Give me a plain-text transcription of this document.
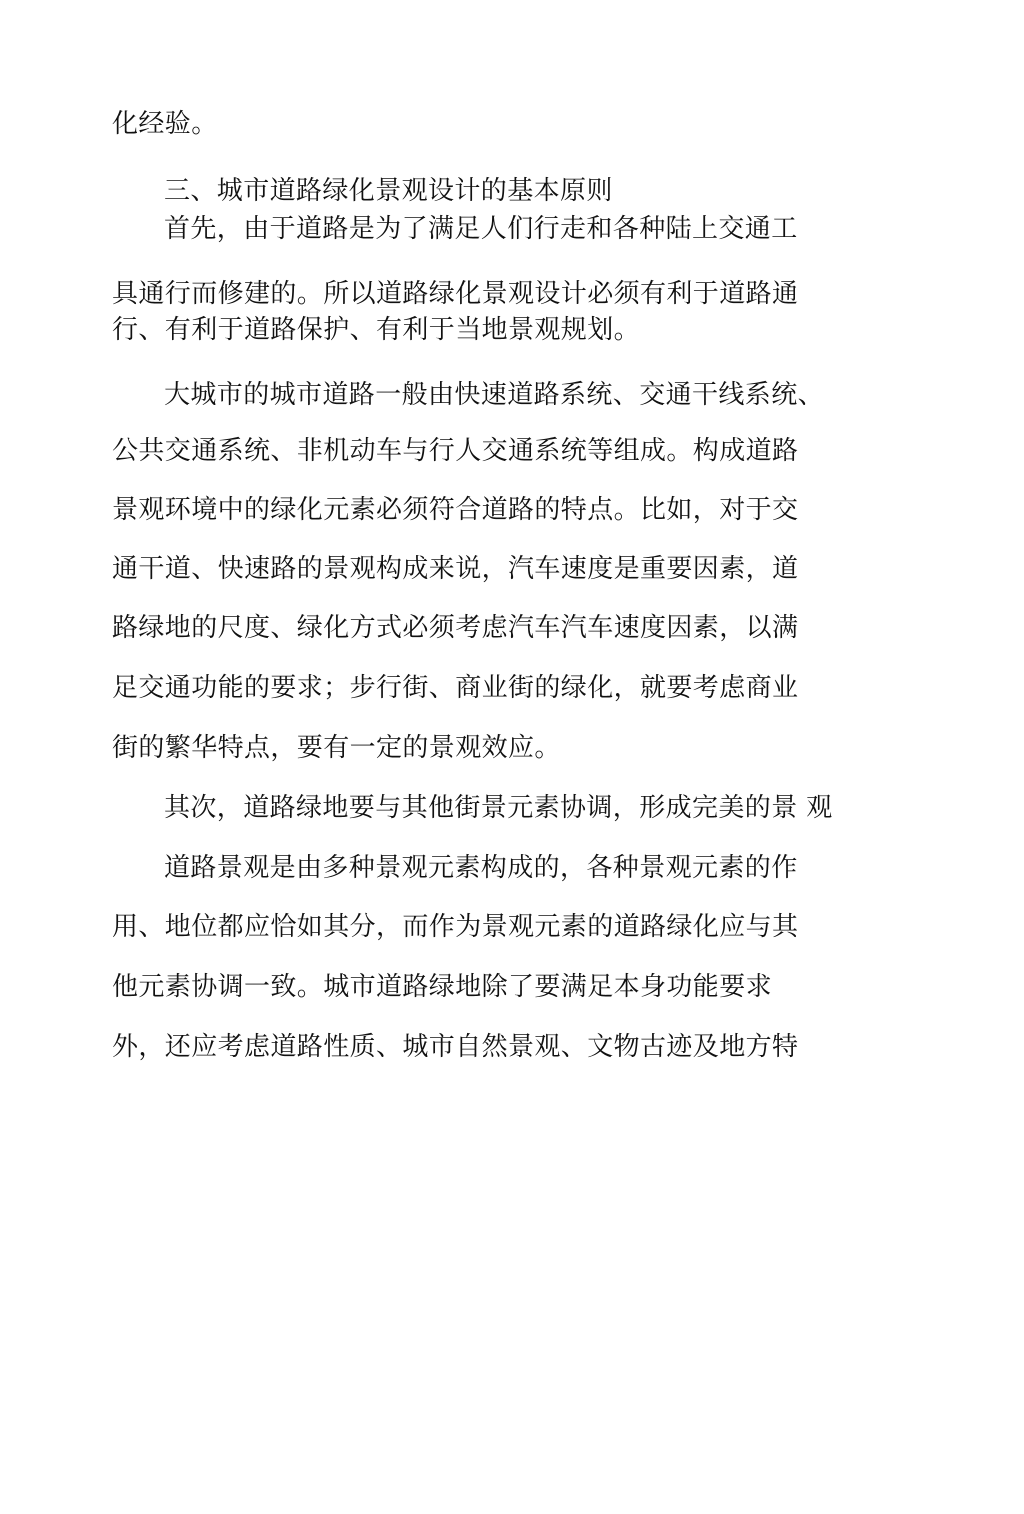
化经验。
三、城市道路绿化景观设计的基本原则
首先，由于道路是为了满足人们行走和各种陆上交通工
具通行而修建的。所以道路绿化景观设计必须有利于道路通
行、有利于道路保护、有利于当地景观规划。
大城市的城市道路一般由快速道路系统、交通干线系统、
公共交通系统、非机动车与行人交通系统等组成。构成道路
景观环境中的绿化元素必须符合道路的特点。比如，对于交
通干道、快速路的景观构成来说，汽车速度是重要因素，道
路绿地的尺度、绿化方式必须考虑汽车汽车速度因素，以满
足交通功能的要求；步行街、商业街的绿化，就要考虑商业
街的繁华特点，要有一定的景观效应。
其次，道路绿地要与其他街景元素协调，形成完美的景 观
道路景观是由多种景观元素构成的，各种景观元素的作
用、地位都应恰如其分，而作为景观元素的道路绿化应与其
他元素协调一致。城市道路绿地除了要满足本身功能要求
外，还应考虑道路性质、城市自然景观、文物古迹及地方特
